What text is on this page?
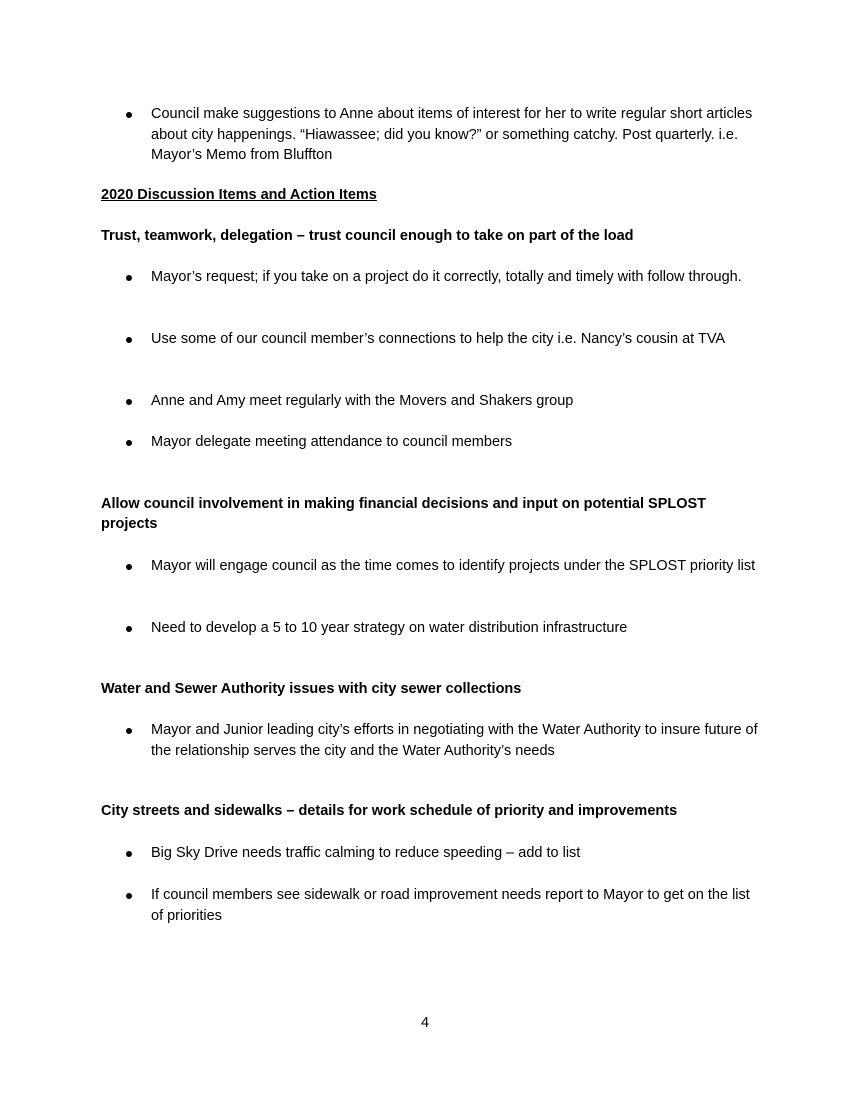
Council make suggestions to Anne about items of interest for her to write regular short articles about city happenings. “Hiawassee; did you know?” or something catchy. Post quarterly. i.e. Mayor’s Memo from Bluffton

2020 Discussion Items and Action Items

Trust, teamwork, delegation – trust council enough to take on part of the load

Mayor’s request; if you take on a project do it correctly, totally and timely with follow through.
Use some of our council member’s connections to help the city i.e. Nancy’s cousin at TVA
Anne and Amy meet regularly with the Movers and Shakers group
Mayor delegate meeting attendance to council members

Allow council involvement in making financial decisions and input on potential SPLOST projects

Mayor will engage council as the time comes to identify projects under the SPLOST priority list
Need to develop a 5 to 10 year strategy on water distribution infrastructure

Water and Sewer Authority issues with city sewer collections

Mayor and Junior leading city’s efforts in negotiating with the Water Authority to insure future of the relationship serves the city and the Water Authority’s needs

City streets and sidewalks – details for work schedule of priority and improvements

Big Sky Drive needs traffic calming to reduce speeding – add to list
If council members see sidewalk or road improvement needs report to Mayor to get on the list of priorities
4
